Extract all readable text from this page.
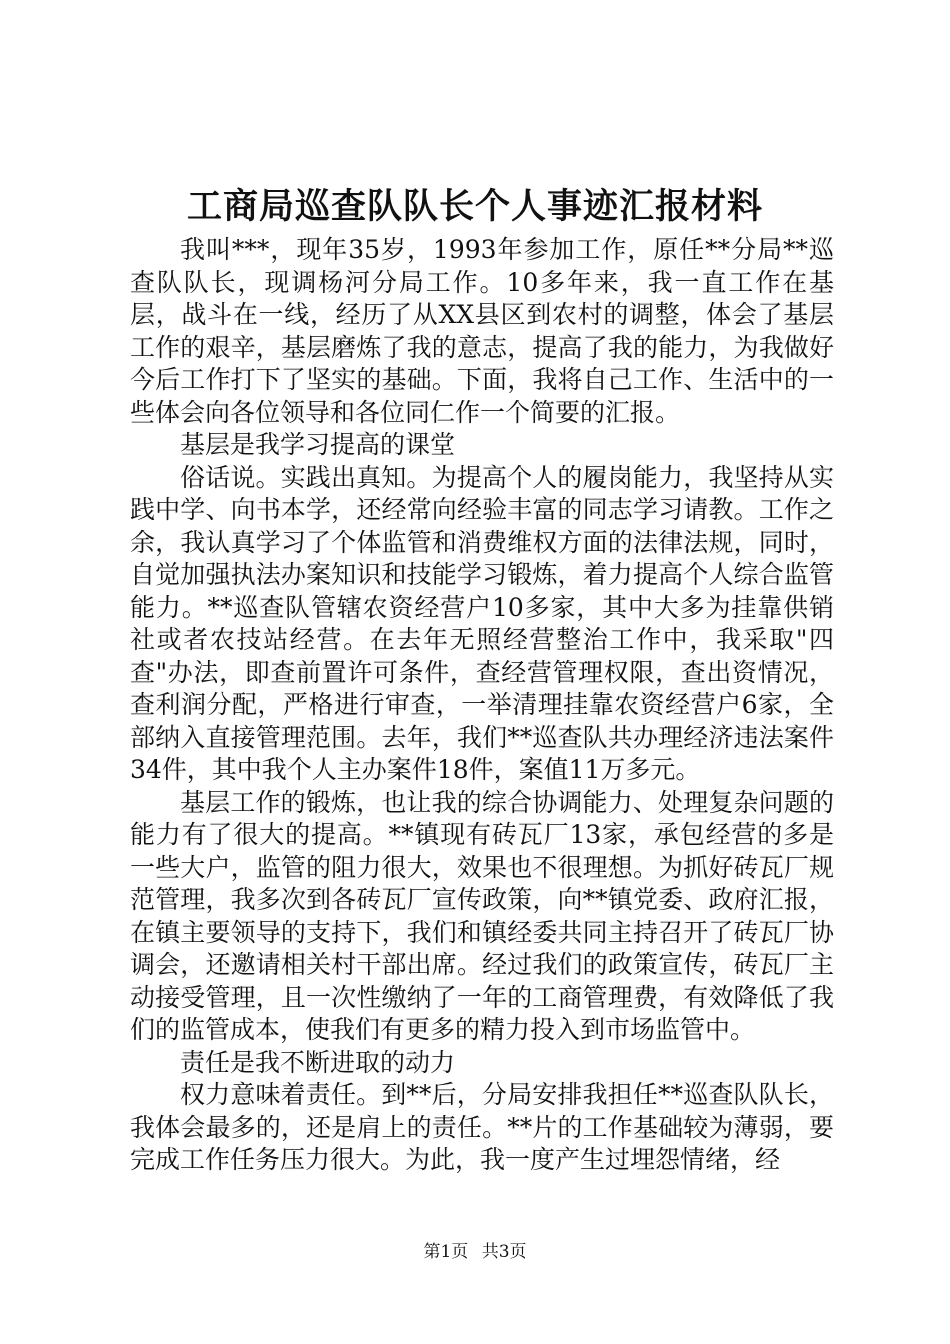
工商局巡查队队长个人事迹汇报材料

我叫***，现年35岁，1993年参加工作，原任**分局**巡查队队长，现调杨河分局工作。10多年来，我一直工作在基层，战斗在一线，经历了从XX县区到农村的调整，体会了基层工作的艰辛，基层磨炼了我的意志，提高了我的能力，为我做好今后工作打下了坚实的基础。下面，我将自己工作、生活中的一些体会向各位领导和各位同仁作一个简要的汇报。

基层是我学习提高的课堂

俗话说。实践出真知。为提高个人的履岗能力，我坚持从实践中学、向书本学，还经常向经验丰富的同志学习请教。工作之余，我认真学习了个体监管和消费维权方面的法律法规，同时，自觉加强执法办案知识和技能学习锻炼，着力提高个人综合监管能力。**巡查队管辖农资经营户10多家，其中大多为挂靠供销社或者农技站经营。在去年无照经营整治工作中，我采取"四查"办法，即查前置许可条件，查经营管理权限，查出资情况，查利润分配，严格进行审查，一举清理挂靠农资经营户6家，全部纳入直接管理范围。去年，我们**巡查队共办理经济违法案件34件，其中我个人主办案件18件，案值11万多元。

基层工作的锻炼，也让我的综合协调能力、处理复杂问题的能力有了很大的提高。**镇现有砖瓦厂13家，承包经营的多是一些大户，监管的阻力很大，效果也不很理想。为抓好砖瓦厂规范管理，我多次到各砖瓦厂宣传政策，向**镇党委、政府汇报，在镇主要领导的支持下，我们和镇经委共同主持召开了砖瓦厂协调会，还邀请相关村干部出席。经过我们的政策宣传，砖瓦厂主动接受管理，且一次性缴纳了一年的工商管理费，有效降低了我们的监管成本，使我们有更多的精力投入到市场监管中。

责任是我不断进取的动力

权力意味着责任。到**后，分局安排我担任**巡查队队长，我体会最多的，还是肩上的责任。**片的工作基础较为薄弱，要完成工作任务压力很大。为此，我一度产生过埋怨情绪，经

第1页 共3页
